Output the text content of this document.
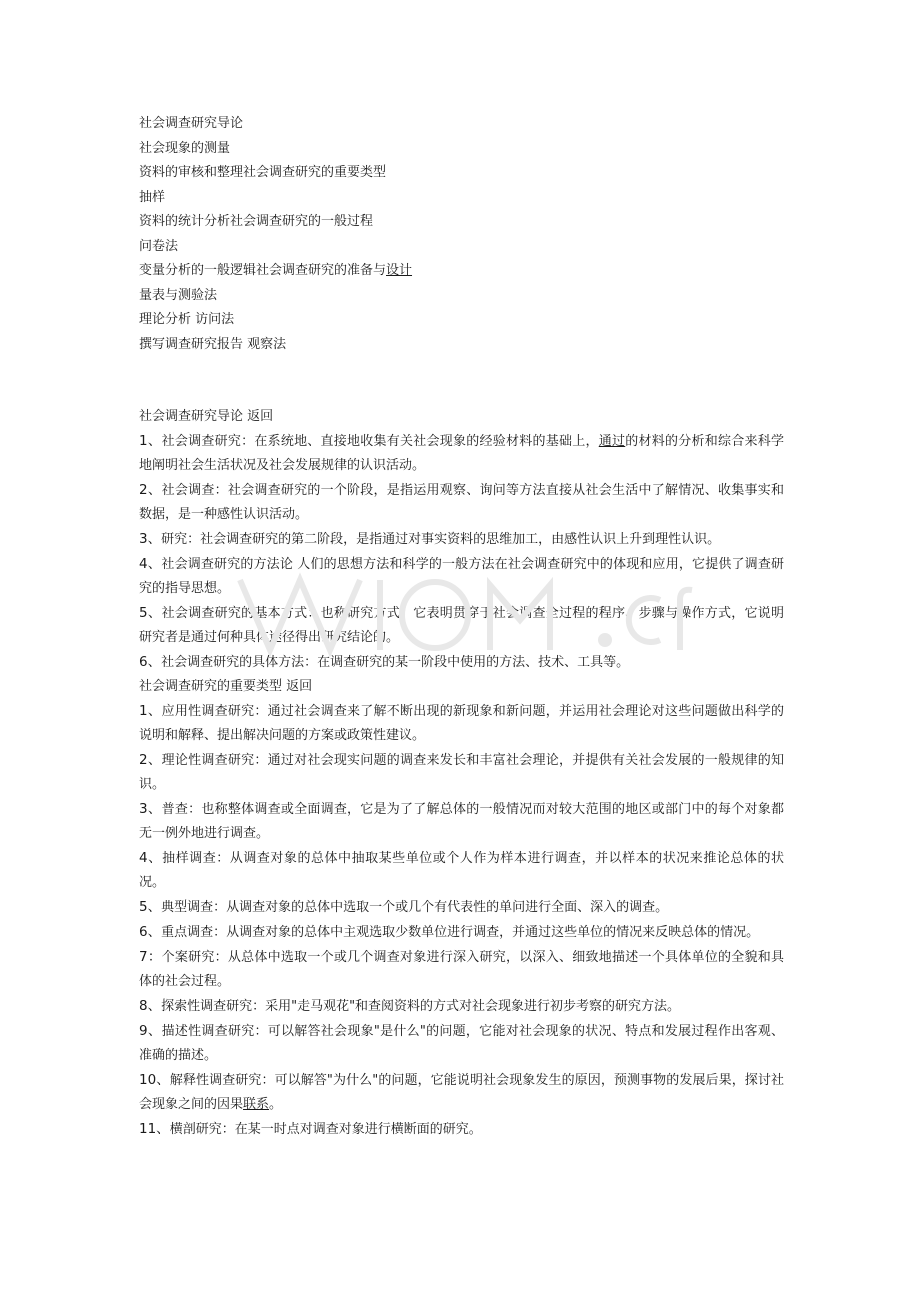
社会调查研究导论
社会现象的测量
资料的审核和整理社会调查研究的重要类型
抽样
资料的统计分析社会调查研究的一般过程
问卷法
变量分析的一般逻辑社会调查研究的准备与设计
量表与测验法
理论分析 访问法
撰写调查研究报告 观察法
社会调查研究导论 返回
1、社会调查研究：在系统地、直接地收集有关社会现象的经验材料的基础上，通过的材料的分析和综合来科学地阐明社会生活状况及社会发展规律的认识活动。
2、社会调查：社会调查研究的一个阶段，是指运用观察、询问等方法直接从社会生活中了解情况、收集事实和数据，是一种感性认识活动。
3、研究：社会调查研究的第二阶段，是指通过对事实资料的思维加工，由感性认识上升到理性认识。
4、社会调查研究的方法论 人们的思想方法和科学的一般方法在社会调查研究中的体现和应用，它提供了调查研究的指导思想。
5、社会调查研究的基本方式：也称研究方式，它表明贯穿于社会调查全过程的程序、步骤与操作方式，它说明研究者是通过何种具体途径得出研究结论的。
6、社会调查研究的具体方法：在调查研究的某一阶段中使用的方法、技术、工具等。
社会调查研究的重要类型 返回
1、应用性调查研究：通过社会调查来了解不断出现的新现象和新问题，并运用社会理论对这些问题做出科学的说明和解释、提出解决问题的方案或政策性建议。
2、理论性调查研究：通过对社会现实问题的调查来发长和丰富社会理论，并提供有关社会发展的一般规律的知识。
3、普查：也称整体调查或全面调查，它是为了了解总体的一般情况而对较大范围的地区或部门中的每个对象都无一例外地进行调查。
4、抽样调查：从调查对象的总体中抽取某些单位或个人作为样本进行调查，并以样本的状况来推论总体的状况。
5、典型调查：从调查对象的总体中选取一个或几个有代表性的单问进行全面、深入的调查。
6、重点调查：从调查对象的总体中主观选取少数单位进行调查，并通过这些单位的情况来反映总体的情况。
7：个案研究：从总体中选取一个或几个调查对象进行深入研究，以深入、细致地描述一个具体单位的全貌和具体的社会过程。
8、探索性调查研究：采用"走马观花"和查阅资料的方式对社会现象进行初步考察的研究方法。
9、描述性调查研究：可以解答社会现象"是什么"的问题，它能对社会现象的状况、特点和发展过程作出客观、准确的描述。
10、解释性调查研究：可以解答"为什么"的问题，它能说明社会现象发生的原因，预测事物的发展后果，探讨社会现象之间的因果联系。
11、横剖研究：在某一时点对调查对象进行横断面的研究。
